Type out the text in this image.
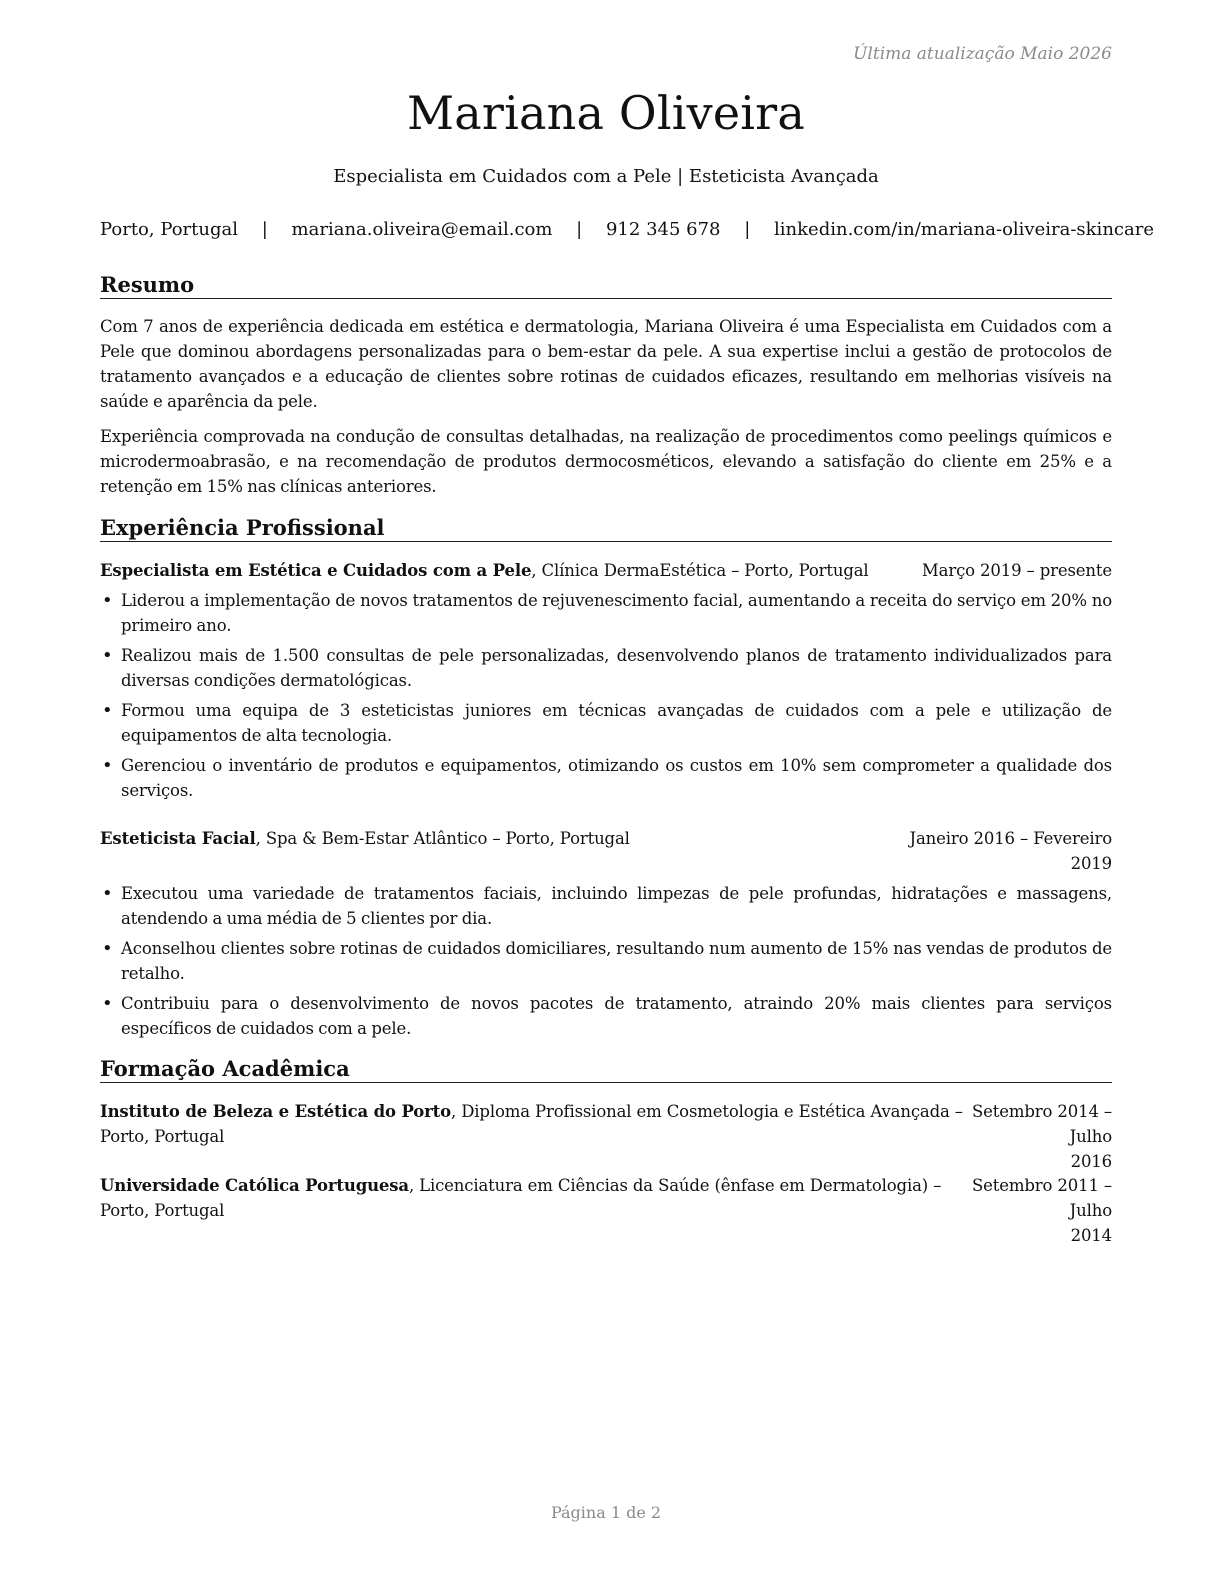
Última atualização Maio 2026
Mariana Oliveira
Especialista em Cuidados com a Pele | Esteticista Avançada
Porto, Portugal | mariana.oliveira@email.com | 912 345 678 | linkedin.com/in/mariana-oliveira-skincare
Resumo
Com 7 anos de experiência dedicada em estética e dermatologia, Mariana Oliveira é uma Especialista em Cuidados com a Pele que dominou abordagens personalizadas para o bem-estar da pele. A sua expertise inclui a gestão de protocolos de tratamento avançados e a educação de clientes sobre rotinas de cuidados eficazes, resultando em melhorias visíveis na saúde e aparência da pele.
Experiência comprovada na condução de consultas detalhadas, na realização de procedimentos como peelings químicos e microdermoabrasão, e na recomendação de produtos dermocosméticos, elevando a satisfação do cliente em 25% e a retenção em 15% nas clínicas anteriores.
Experiência Profissional
Especialista em Estética e Cuidados com a Pele, Clínica DermaEstética – Porto, Portugal	Março 2019 – presente
• Liderou a implementação de novos tratamentos de rejuvenescimento facial, aumentando a receita do serviço em 20% no primeiro ano.
• Realizou mais de 1.500 consultas de pele personalizadas, desenvolvendo planos de tratamento individualizados para diversas condições dermatológicas.
• Formou uma equipa de 3 esteticistas juniores em técnicas avançadas de cuidados com a pele e utilização de equipamentos de alta tecnologia.
• Gerenciou o inventário de produtos e equipamentos, otimizando os custos em 10% sem comprometer a qualidade dos serviços.
Esteticista Facial, Spa & Bem-Estar Atlântico – Porto, Portugal	Janeiro 2016 – Fevereiro
2019
• Executou uma variedade de tratamentos faciais, incluindo limpezas de pele profundas, hidratações e massagens, atendendo a uma média de 5 clientes por dia.
• Aconselhou clientes sobre rotinas de cuidados domiciliares, resultando num aumento de 15% nas vendas de produtos de retalho.
• Contribuiu para o desenvolvimento de novos pacotes de tratamento, atraindo 20% mais clientes para serviços específicos de cuidados com a pele.
Formação Acadêmica
Instituto de Beleza e Estética do Porto, Diploma Profissional em Cosmetologia e Estética Avançada – Porto, Portugal
Setembro 2014 – Julho
2016
Universidade Católica Portuguesa, Licenciatura em Ciências da Saúde (ênfase em Dermatologia) – Porto, Portugal
Setembro 2011 – Julho
2014
Página 1 de 2
